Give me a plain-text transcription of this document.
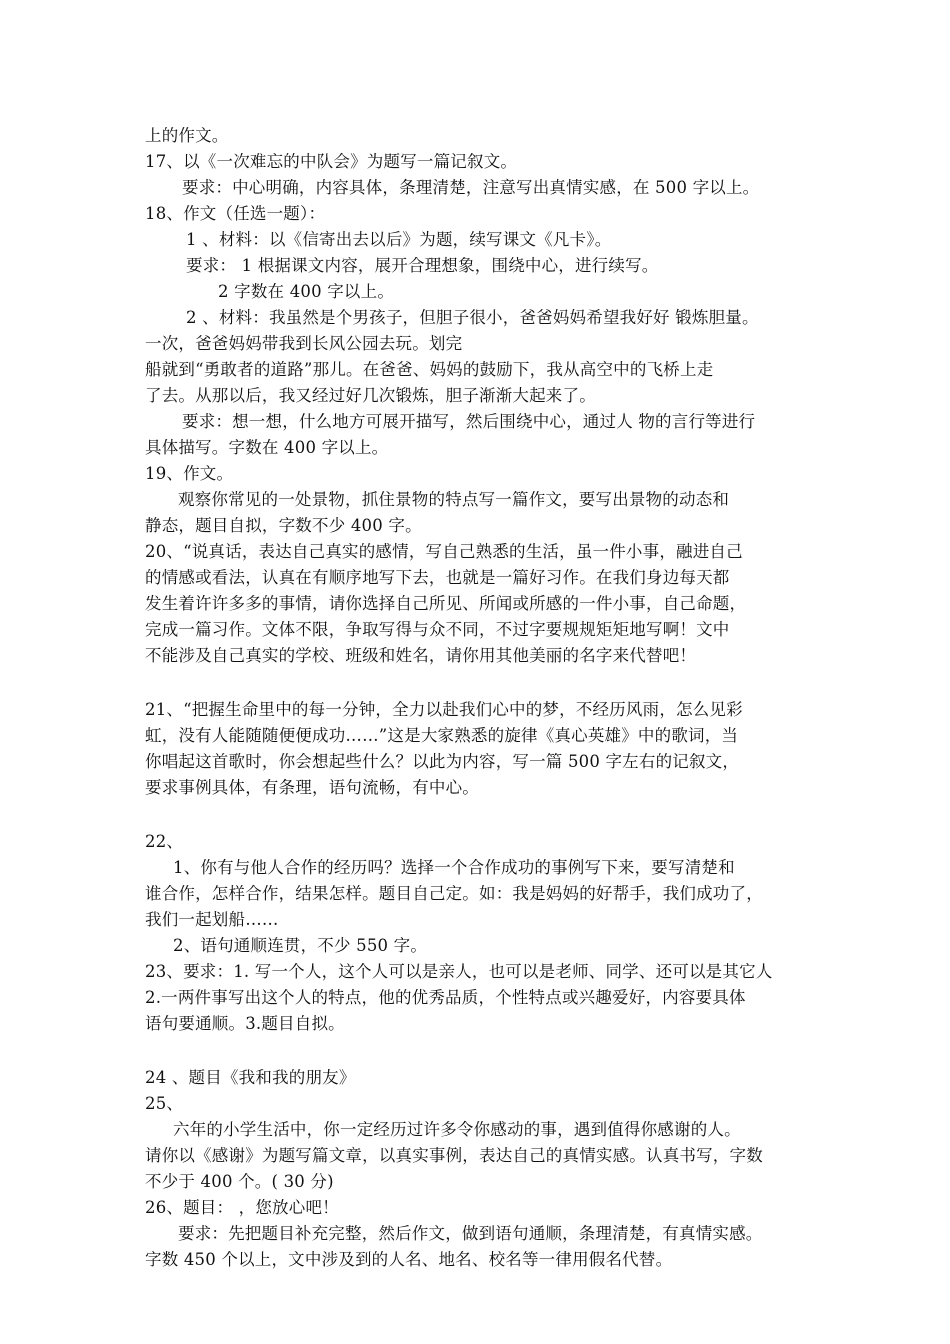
上的作文。
17、以《一次难忘的中队会》为题写一篇记叙文。
要求：中心明确，内容具体，条理清楚，注意写出真情实感，在 500 字以上。
18、作文（任选一题）：
1 、材料：以《信寄出去以后》为题，续写课文《凡卡》。
要求： 1 根据课文内容，展开合理想象，围绕中心，进行续写。
2 字数在 400 字以上。
2 、材料：我虽然是个男孩子，但胆子很小，爸爸妈妈希望我好好 锻炼胆量。
一次，爸爸妈妈带我到长风公园去玩。划完
船就到“勇敢者的道路”那儿。在爸爸、妈妈的鼓励下，我从高空中的飞桥上走
了去。从那以后，我又经过好几次锻炼，胆子渐渐大起来了。
要求：想一想，什么地方可展开描写，然后围绕中心，通过人 物的言行等进行
具体描写。字数在 400 字以上。
19、作文。
观察你常见的一处景物，抓住景物的特点写一篇作文，要写出景物的动态和
静态，题目自拟，字数不少 400 字。
20、“说真话，表达自己真实的感情，写自己熟悉的生活，虽一件小事，融进自己
的情感或看法，认真在有顺序地写下去，也就是一篇好习作。在我们身边每天都
发生着许许多多的事情，请你选择自己所见、所闻或所感的一件小事，自己命题，
完成一篇习作。文体不限，争取写得与众不同，不过字要规规矩矩地写啊！文中
不能涉及自己真实的学校、班级和姓名，请你用其他美丽的名字来代替吧！
21、“把握生命里中的每一分钟，全力以赴我们心中的梦，不经历风雨，怎么见彩
虹，没有人能随随便便成功……”这是大家熟悉的旋律《真心英雄》中的歌词，当
你唱起这首歌时，你会想起些什么？以此为内容，写一篇 500 字左右的记叙文，
要求事例具体，有条理，语句流畅，有中心。
22、
1、你有与他人合作的经历吗？选择一个合作成功的事例写下来，要写清楚和
谁合作，怎样合作，结果怎样。题目自己定。如：我是妈妈的好帮手，我们成功了，
我们一起划船……
2、语句通顺连贯，不少 550 字。
23、要求：1. 写一个人，这个人可以是亲人，也可以是老师、同学、还可以是其它人
2.一两件事写出这个人的特点，他的优秀品质，个性特点或兴趣爱好，内容要具体
语句要通顺。3.题目自拟。
24 、题目《我和我的朋友》
25、
六年的小学生活中，你一定经历过许多令你感动的事，遇到值得你感谢的人。
请你以《感谢》为题写篇文章，以真实事例，表达自己的真情实感。认真书写，字数
不少于 400 个。( 30 分)
26、题目： ，您放心吧！
要求：先把题目补充完整，然后作文，做到语句通顺，条理清楚，有真情实感。
字数 450 个以上，文中涉及到的人名、地名、校名等一律用假名代替。
